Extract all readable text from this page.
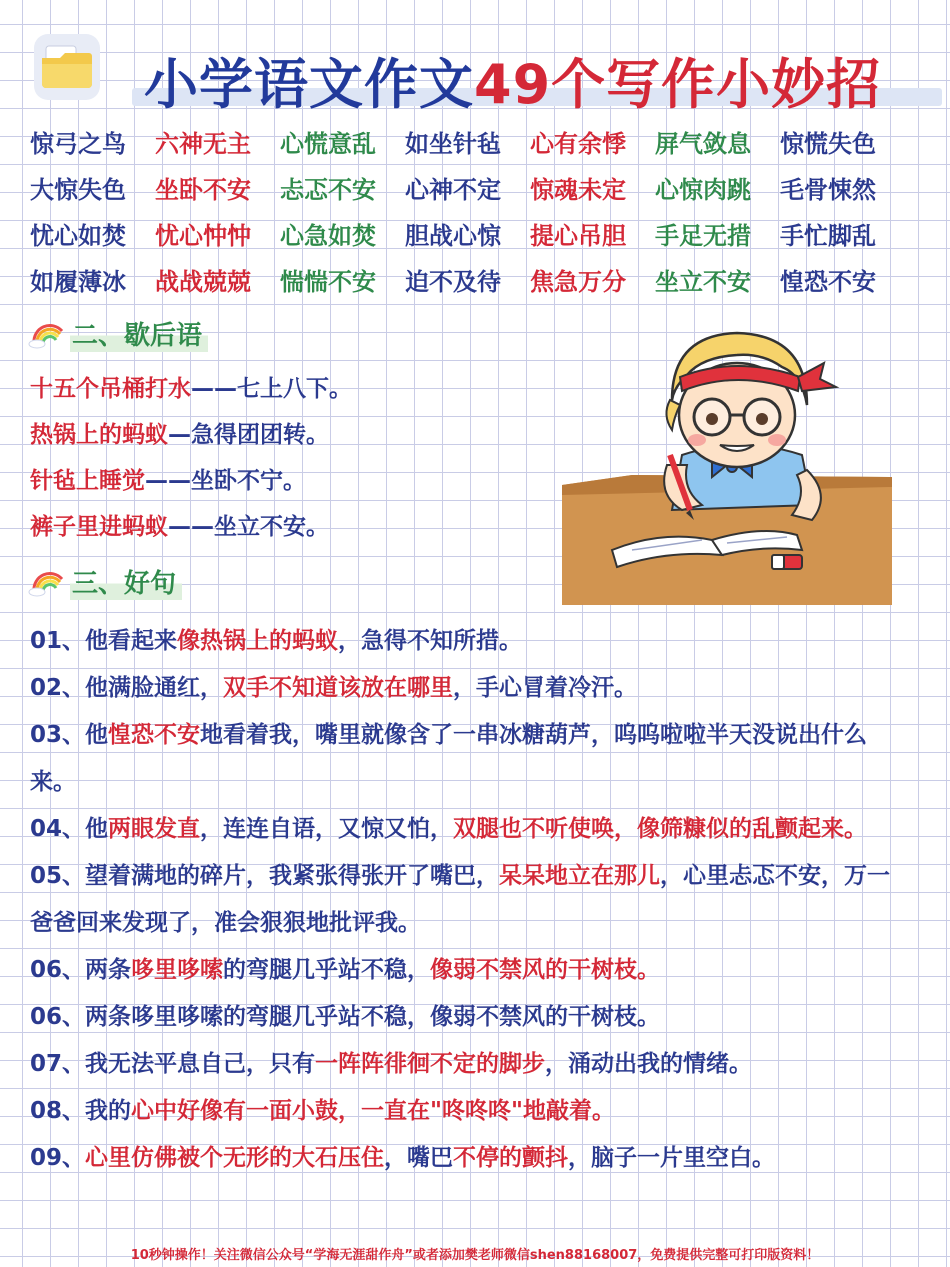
小学语文作文49个写作小妙招
惊弓之鸟	六神无主	心慌意乱	如坐针毡	心有余悸	屏气敛息	惊慌失色
大惊失色	坐卧不安	忐忑不安	心神不定	惊魂未定	心惊肉跳	毛骨悚然
忧心如焚	忧心忡忡	心急如焚	胆战心惊	提心吊胆	手足无措	手忙脚乱
如履薄冰	战战兢兢	惴惴不安	迫不及待	焦急万分	坐立不安	惶恐不安
二、歇后语
十五个吊桶打水——七上八下。
热锅上的蚂蚁—急得团团转。
针毡上睡觉——坐卧不宁。
裤子里进蚂蚁——坐立不安。
三、好句
01、他看起来像热锅上的蚂蚁，急得不知所措。
02、他满脸通红，双手不知道该放在哪里，手心冒着冷汗。
03、他惶恐不安地看着我，嘴里就像含了一串冰糖葫芦，呜呜啦啦半天没说出什么来。
04、他两眼发直，连连自语，又惊又怕，双腿也不听使唤，像筛糠似的乱颤起来。
05、望着满地的碎片，我紧张得张开了嘴巴，呆呆地立在那儿，心里忐忑不安，万一爸爸回来发现了，准会狠狠地批评我。
06、两条哆里哆嗦的弯腿几乎站不稳，像弱不禁风的干树枝。
06、两条哆里哆嗦的弯腿几乎站不稳，像弱不禁风的干树枝。
07、我无法平息自己，只有一阵阵徘徊不定的脚步，涌动出我的情绪。
08、我的心中好像有一面小鼓，一直在"咚咚咚"地敲着。
09、心里仿佛被个无形的大石压住，嘴巴不停的颤抖，脑子一片里空白。
10秒钟操作！关注微信公众号“学海无涯甜作舟”或者添加樊老师微信shen88168007，免费提供完整可打印版资料！
